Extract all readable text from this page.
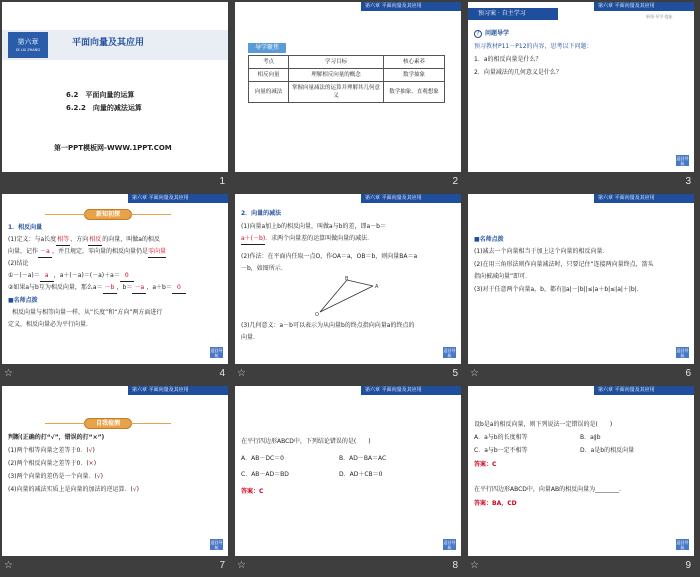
第六章
DI LIU ZHANG
平面向量及其应用
6.2　平面向量的运算
6.2.2　向量的减法运算
第一PPT模板网-WWW.1PPT.COM
1
第六章 平面向量及其应用
导学聚焦
考点	学习目标	核心素养
相反向量	理解相反向量的概念	数学抽象
向量的减法	掌握向量减法的运算并理解其几何意义	数学抽象、直观想象
2
第六章 平面向量及其应用
预习案 · 自主学习	新课·导学·提能
? 问题导学
预习教材P11－P12的内容，思考以下问题：
1．a的相反向量是什么？
2．向量减法的几何意义是什么？
返回导航
3
第六章 平面向量及其应用
新知初探
1．相反向量
(1)定义：与a长度相等、方向相反的向量，叫做a的相反
向量，记作 －a ，并且规定，零向量的相反向量仍是零向量
(2)结论
①－(－a)＝ a ，a＋(－a)＝(－a)＋a＝ 0
②如果a与b互为相反向量，那么a＝ －b ，b＝ －a ，a＋b＝ 0
■名师点拨
相反向量与相等向量一样，从“长度”和“方向”两方面进行
定义，相反向量必为平行向量．
返回导航
☆	4
第六章 平面向量及其应用
2．向量的减法
(1)向量a加上b的相反向量，叫做a与b的差，即a－b＝
a＋(－b)．求两个向量差的运算叫做向量的减法．
(2)作法：在平面内任取一点O，作OA＝a，OB＝b，则向量BA＝a
－b，如图所示．
O
A
B
(3)几何意义：a－b可以表示为从向量b的终点指向向量a的终点的
向量．
返回导航
☆	5
第六章 平面向量及其应用
■名师点拨
(1)减去一个向量相当于加上这个向量的相反向量．
(2)在用三角形法则作向量减法时，只要记住“连接两向量终点，箭头
指向被减向量”即可．
(3)对于任意两个向量a，b，都有||a|－|b||≤|a＋b|≤|a|＋|b|．
返回导航
☆	6
第六章 平面向量及其应用
自我检测
判断(正确的打“√”，错误的打“×”)
(1)两个相等向量之差等于0．(√)
(2)两个相反向量之差等于0．(×)
(3)两个向量的差仍是一个向量．(√)
(4)向量的减法实质上是向量的加法的逆运算．(√)
返回导航
☆	7
第六章 平面向量及其应用
在平行四边形ABCD中，下列结论错误的是(　　)
A．AB－DC＝0	B．AD－BA＝AC
C．AB－AD＝BD	D．AD＋CB＝0
答案：C
返回导航
☆	8
第六章 平面向量及其应用
设b是a的相反向量，则下列说法一定错误的是(　　)
A．a与b的长度相等	B．a∥b
C．a与b一定不相等	D．a是b的相反向量
答案：C
在平行四边形ABCD中，向量AB的相反向量为________．
答案：BA，CD
返回导航
☆	9
